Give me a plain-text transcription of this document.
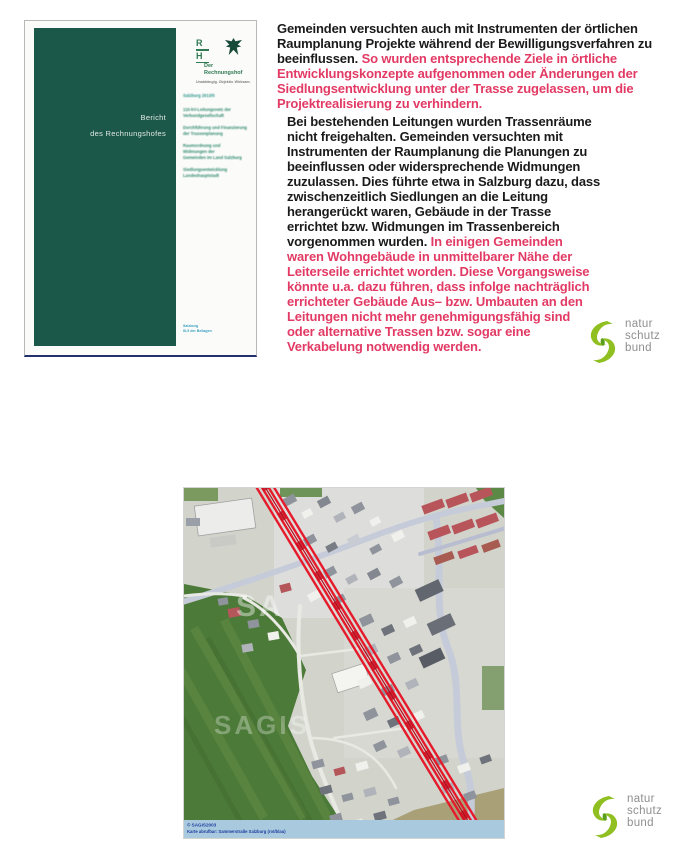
Bericht
des Rechnungshofes
R
H
Der
Rechnungshof
Unabhängig. Objektiv. Wirksam.
Salzburg 2013/5
110-kV-Leitungsnetz der
Verbundgesellschaft
Durchführung und Finanzierung
der Trassenplanung
Raumordnung und
Widmungen der
Gemeinden im Land Salzburg
Siedlungsentwicklung
Landeshauptstadt
Salzburg
III-5 der Beilagen

Gemeinden versuchten auch mit Instrumenten der örtlichen Raumplanung Projekte während der Bewilligungsverfahren zu beeinflussen. So wurden entsprechende Ziele in örtliche Entwicklungskonzepte aufgenommen oder Änderungen der Siedlungsentwicklung unter der Trasse zugelassen, um die Projektrealisierung zu verhindern.

Bei bestehenden Leitungen wurden Trassenräume nicht freigehalten. Gemeinden versuchten mit Instrumenten der Raumplanung die Planungen zu beeinflussen oder widersprechende Widmungen zuzulassen. Dies führte etwa in Salzburg dazu, dass zwischenzeitlich Siedlungen an die Leitung herangerückt waren, Gebäude in der Trasse errichtet bzw. Widmungen im Trassenbereich vorgenommen wurden. In einigen Gemeinden waren Wohngebäude in unmittelbarer Nähe der Leiterseile errichtet worden. Diese Vorgangsweise könnte u.a. dazu führen, dass infolge nachträglich errichteter Gebäude Aus– bzw. Umbauten an den Leitungen nicht mehr genehmigungsfähig sind oder alternative Trassen bzw. sogar eine Verkabelung notwendig werden.

natur
schutz
bund
SA
SAGIS
© SAGIS2003
Karte abrufbar: Sammerstraße Salzburg (rot/blau)
natur
schutz
bund
